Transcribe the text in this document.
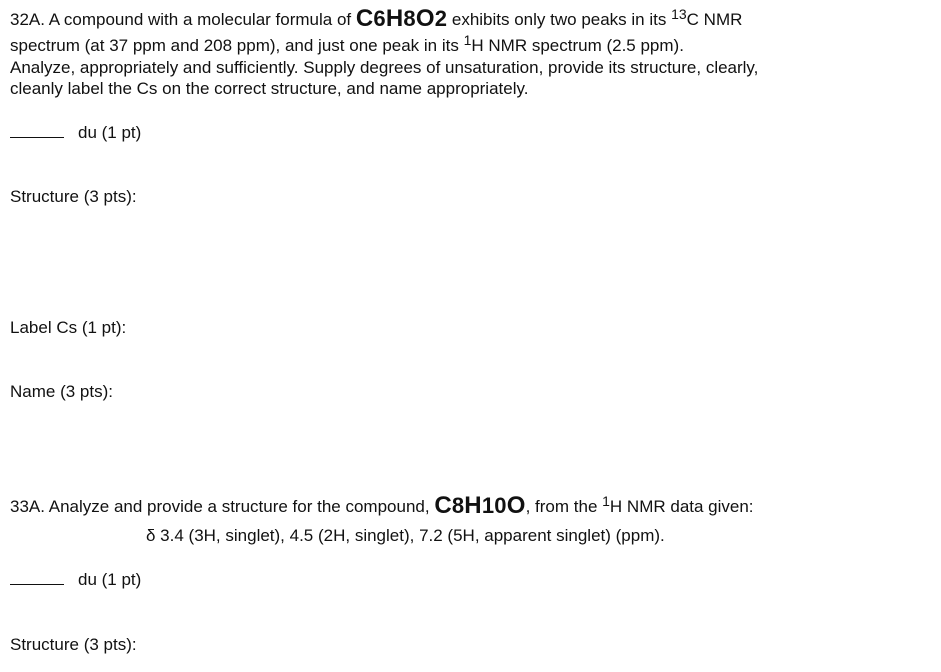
32A. A compound with a molecular formula of C6H8O2 exhibits only two peaks in its $^{13}$C NMR
spectrum (at 37 ppm and 208 ppm), and just one peak in its $^1$H NMR spectrum (2.5 ppm).
Analyze, appropriately and sufficiently. Supply degrees of unsaturation, provide its structure, clearly,
cleanly label the Cs on the correct structure, and name appropriately.
du (1 pt)
Structure (3 pts):
Label Cs (1 pt):
Name (3 pts):
33A. Analyze and provide a structure for the compound, C8H10O, from the $^1$H NMR data given:
δ 3.4 (3H, singlet), 4.5 (2H, singlet), 7.2 (5H, apparent singlet) (ppm).
du (1 pt)
Structure (3 pts):
